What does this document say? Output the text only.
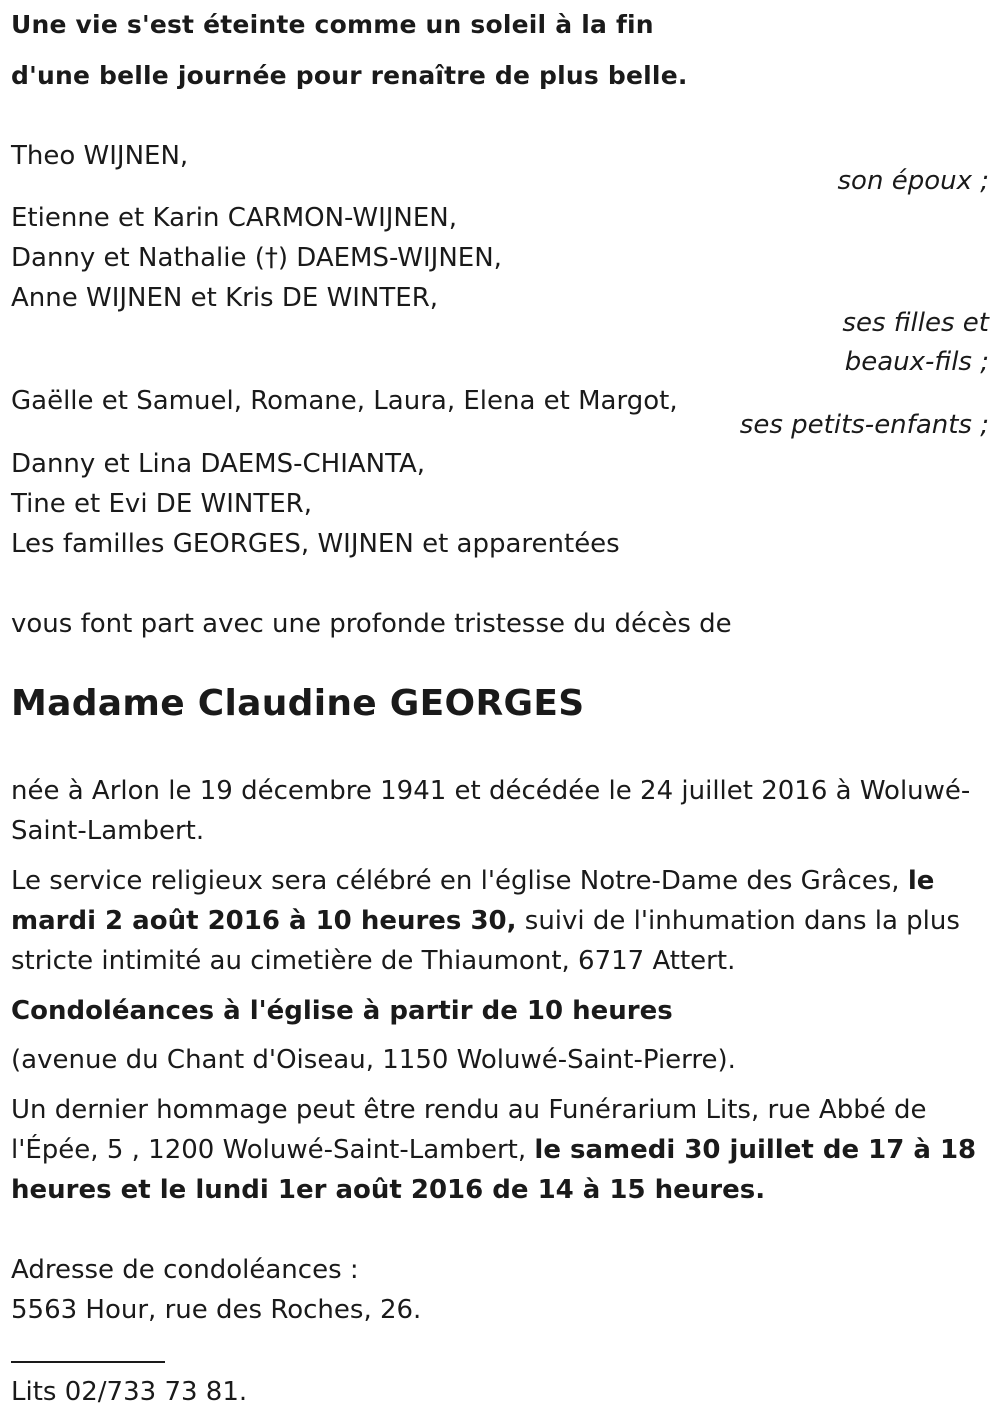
Une vie s'est éteinte comme un soleil à la fin
d'une belle journée pour renaître de plus belle.
Theo WIJNEN,
son époux ;
Etienne et Karin CARMON-WIJNEN,
Danny et Nathalie (†) DAEMS-WIJNEN,
Anne WIJNEN et Kris DE WINTER,
ses filles et
beaux-fils ;
Gaëlle et Samuel, Romane, Laura, Elena et Margot,
ses petits-enfants ;
Danny et Lina DAEMS-CHIANTA,
Tine et Evi DE WINTER,
Les familles GEORGES, WIJNEN et apparentées
vous font part avec une profonde tristesse du décès de
Madame Claudine GEORGES
née à Arlon le 19 décembre 1941 et décédée le 24 juillet 2016 à Woluwé-
Saint-Lambert.
Le service religieux sera célébré en l'église Notre-Dame des Grâces, le
mardi 2 août 2016 à 10 heures 30, suivi de l'inhumation dans la plus
stricte intimité au cimetière de Thiaumont, 6717 Attert.
Condoléances à l'église à partir de 10 heures
(avenue du Chant d'Oiseau, 1150 Woluwé-Saint-Pierre).
Un dernier hommage peut être rendu au Funérarium Lits, rue Abbé de
l'Épée, 5 , 1200 Woluwé-Saint-Lambert, le samedi 30 juillet de 17 à 18
heures et le lundi 1er août 2016 de 14 à 15 heures.
Adresse de condoléances :
5563 Hour, rue des Roches, 26.
Lits 02/733 73 81.
